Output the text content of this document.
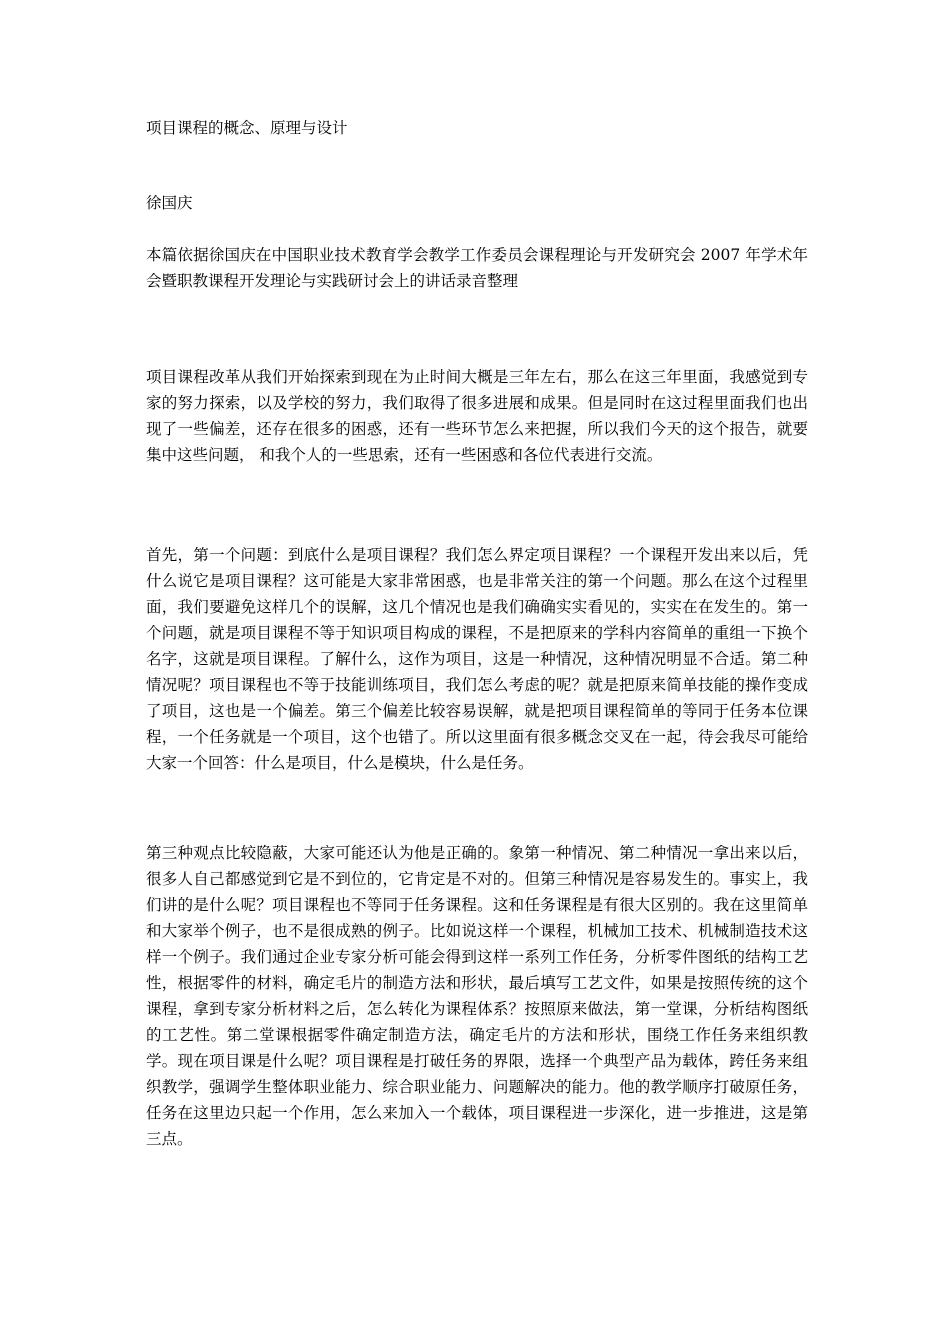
项目课程的概念、原理与设计

徐国庆

本篇依据徐国庆在中国职业技术教育学会教学工作委员会课程理论与开发研究会 2007 年学术年会暨职教课程开发理论与实践研讨会上的讲话录音整理

项目课程改革从我们开始探索到现在为止时间大概是三年左右，那么在这三年里面，我感觉到专家的努力探索，以及学校的努力，我们取得了很多进展和成果。但是同时在这过程里面我们也出现了一些偏差，还存在很多的困惑，还有一些环节怎么来把握，所以我们今天的这个报告，就要集中这些问题， 和我个人的一些思索，还有一些困惑和各位代表进行交流。

首先，第一个问题：到底什么是项目课程？我们怎么界定项目课程？一个课程开发出来以后，凭什么说它是项目课程？这可能是大家非常困惑，也是非常关注的第一个问题。那么在这个过程里面，我们要避免这样几个的误解，这几个情况也是我们确确实实看见的，实实在在发生的。第一个问题，就是项目课程不等于知识项目构成的课程，不是把原来的学科内容简单的重组一下换个名字，这就是项目课程。了解什么，这作为项目，这是一种情况，这种情况明显不合适。第二种情况呢？项目课程也不等于技能训练项目，我们怎么考虑的呢？就是把原来简单技能的操作变成了项目，这也是一个偏差。第三个偏差比较容易误解，就是把项目课程简单的等同于任务本位课程，一个任务就是一个项目，这个也错了。所以这里面有很多概念交叉在一起，待会我尽可能给大家一个回答：什么是项目，什么是模块，什么是任务。

第三种观点比较隐蔽，大家可能还认为他是正确的。象第一种情况、第二种情况一拿出来以后，很多人自己都感觉到它是不到位的，它肯定是不对的。但第三种情况是容易发生的。事实上，我们讲的是什么呢？项目课程也不等同于任务课程。这和任务课程是有很大区别的。我在这里简单和大家举个例子，也不是很成熟的例子。比如说这样一个课程，机械加工技术、机械制造技术这样一个例子。我们通过企业专家分析可能会得到这样一系列工作任务，分析零件图纸的结构工艺性，根据零件的材料，确定毛片的制造方法和形状，最后填写工艺文件，如果是按照传统的这个课程，拿到专家分析材料之后，怎么转化为课程体系？按照原来做法，第一堂课，分析结构图纸的工艺性。第二堂课根据零件确定制造方法，确定毛片的方法和形状，围绕工作任务来组织教学。现在项目课是什么呢？项目课程是打破任务的界限，选择一个典型产品为载体，跨任务来组织教学，强调学生整体职业能力、综合职业能力、问题解决的能力。他的教学顺序打破原任务，任务在这里边只起一个作用，怎么来加入一个载体，项目课程进一步深化，进一步推进，这是第三点。
